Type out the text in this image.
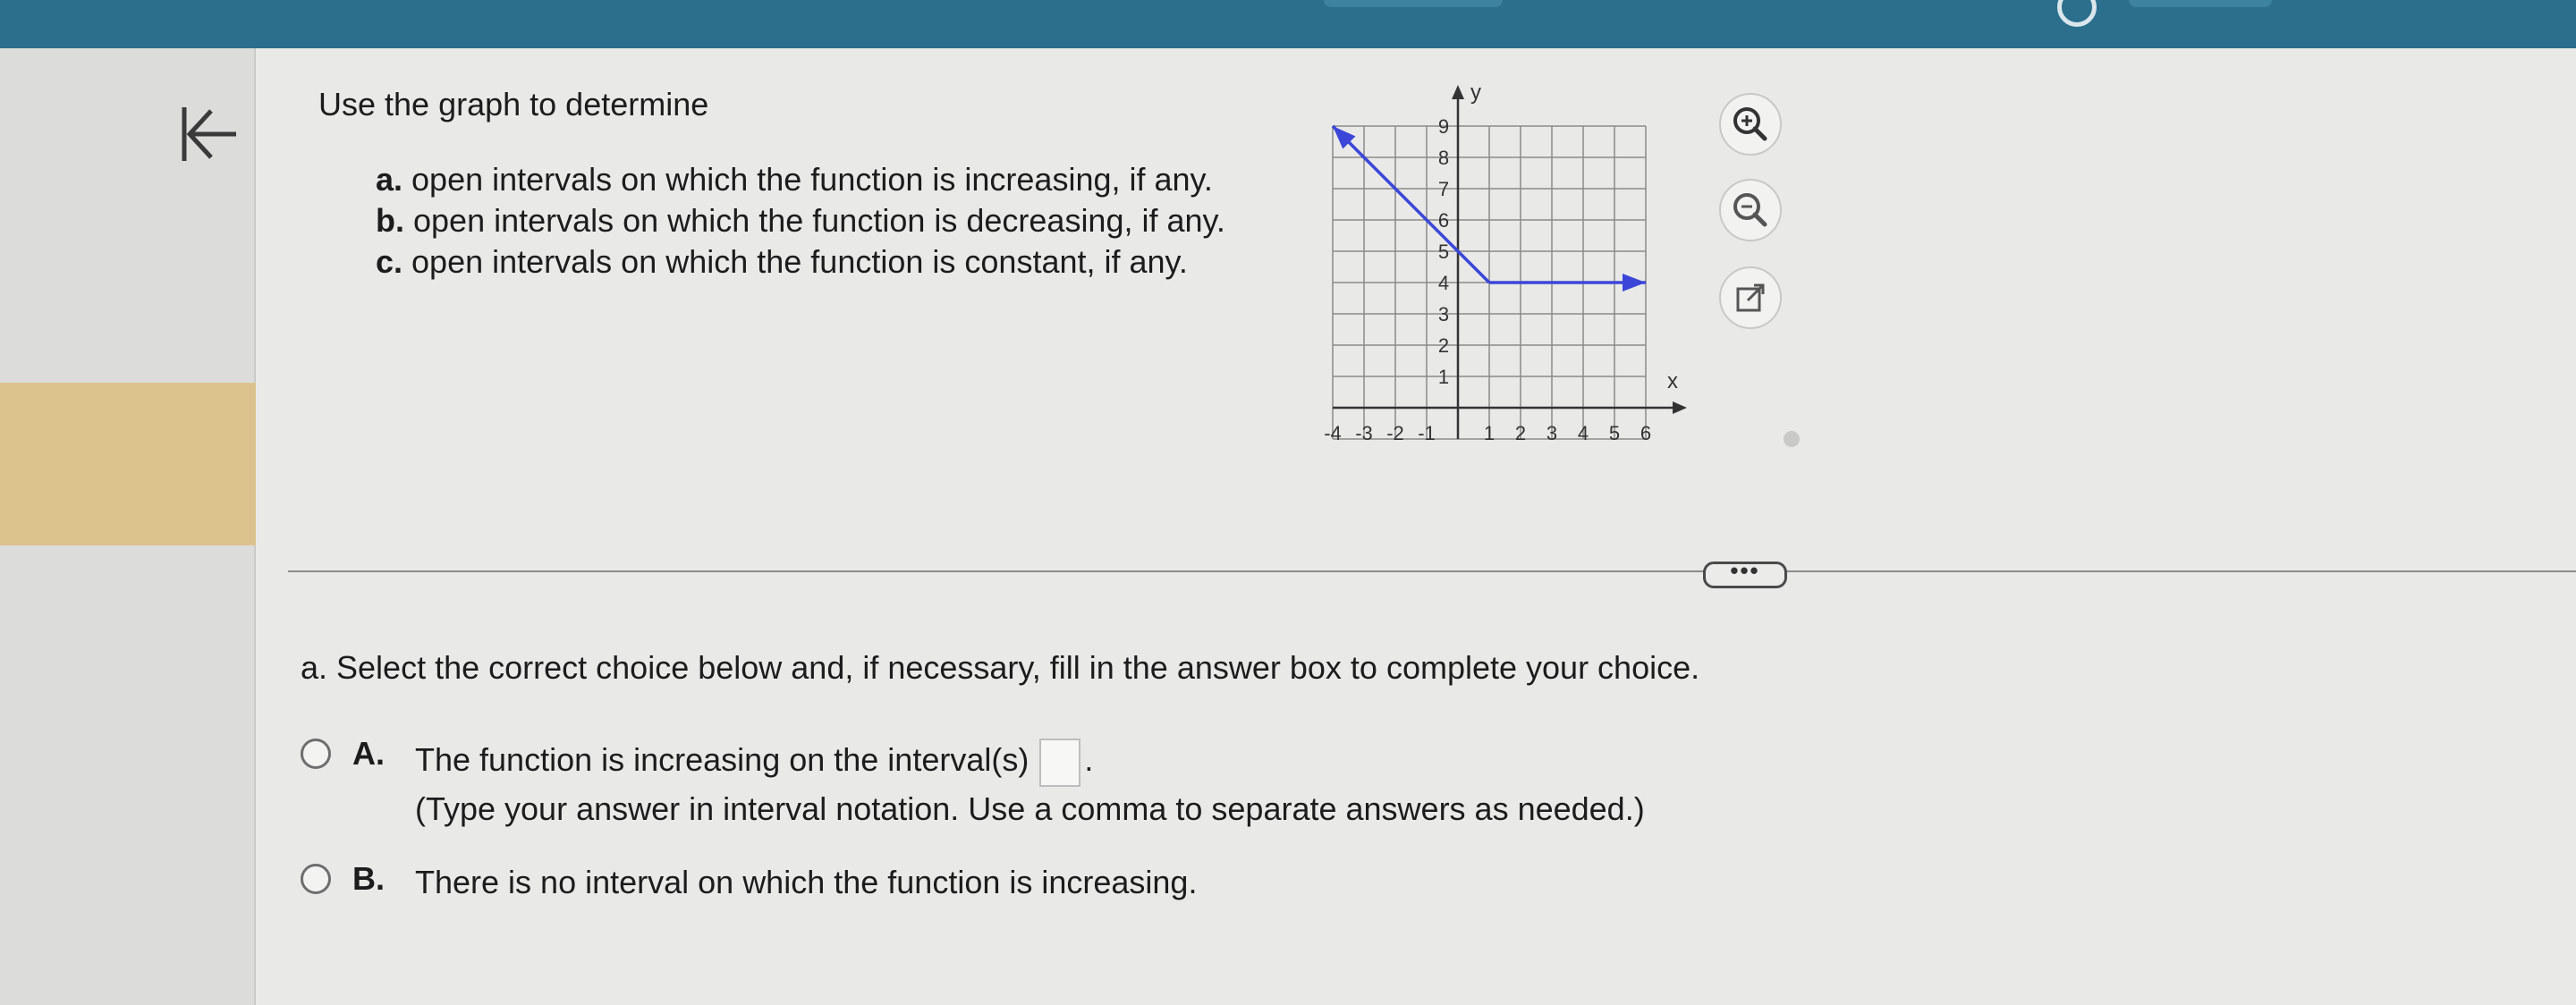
Use the graph to determine

a. open intervals on which the function is increasing, if any.
b. open intervals on which the function is decreasing, if any.
c. open intervals on which the function is constant, if any.
x
y
-4 -3 -2 -1 1 2 3 4 5 6
1
2
3
4
5
6
7
8
9
•••

a. Select the correct choice below and, if necessary, fill in the answer box to complete your choice.

A. The function is increasing on the interval(s) .
(Type your answer in interval notation. Use a comma to separate answers as needed.)
B. There is no interval on which the function is increasing.
